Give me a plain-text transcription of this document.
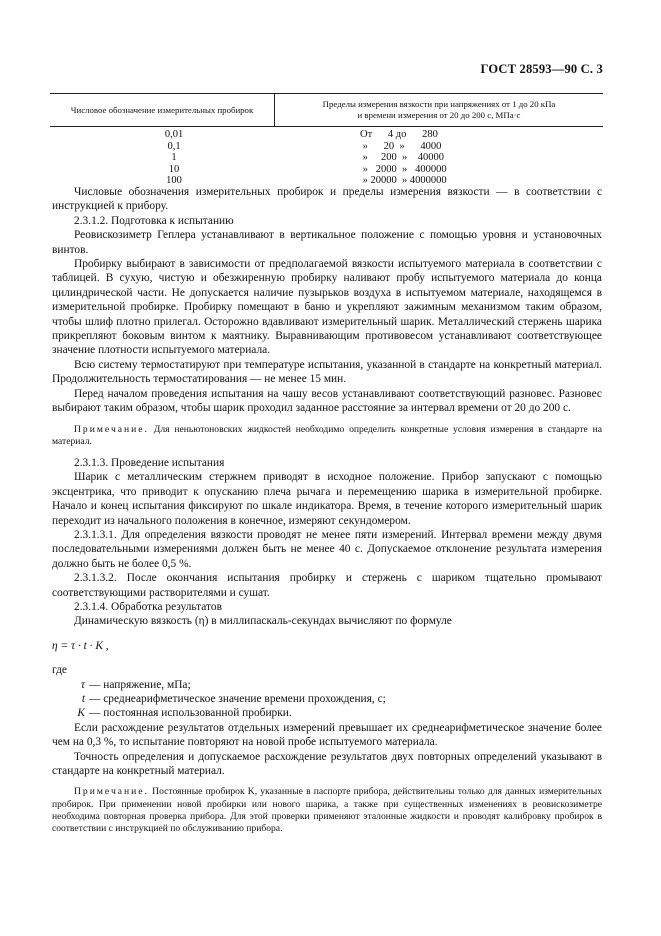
ГОСТ 28593—90 С. 3
Числовое обозначение измерительных пробирок
Пределы измерения вязкости при напряжениях от 1 до 20 кПа
и времени измерения от 20 до 200 с, МПа·с
0,01
0,1
1
10
100
От      4 до      280
»      20  »      4000
»     200  »    40000
»   2000  »   400000
» 20000  » 4000000

Числовые обозначения измерительных пробирок и пределы измерения вязкости — в соответствии с инструкцией к прибору.

2.3.1.2. Подготовка к испытанию

Реовискозиметр Геплера устанавливают в вертикальное положение с помощью уровня и установочных винтов.

Пробирку выбирают в зависимости от предполагаемой вязкости испытуемого материала в соответствии с таблицей. В сухую, чистую и обезжиренную пробирку наливают пробу испытуемого материала до конца цилиндрической части. Не допускается наличие пузырьков воздуха в испытуемом материале, находящемся в измерительной пробирке. Пробирку помещают в баню и укрепляют зажимным механизмом таким образом, чтобы шлиф плотно прилегал. Осторожно вдавливают измерительный шарик. Металлический стержень шарика прикрепляют боковым винтом к маятнику. Выравнивающим противовесом устанавливают соответствующее значение плотности испытуемого материала.

Всю систему термостатируют при температуре испытания, указанной в стандарте на конкретный материал. Продолжительность термостатирования — не менее 15 мин.

Перед началом проведения испытания на чашу весов устанавливают соответствующий разновес. Разновес выбирают таким образом, чтобы шарик проходил заданное расстояние за интервал времени от 20 до 200 с.

Примечание. Для неньютоновских жидкостей необходимо определить конкретные условия измерения в стандарте на материал.

2.3.1.3. Проведение испытания

Шарик с металлическим стержнем приводят в исходное положение. Прибор запускают с помощью эксцентрика, что приводит к опусканию плеча рычага и перемещению шарика в измерительной пробирке. Начало и конец испытания фиксируют по шкале индикатора. Время, в течение которого измерительный шарик переходит из начального положения в конечное, измеряют секундомером.

2.3.1.3.1. Для определения вязкости проводят не менее пяти измерений. Интервал времени между двумя последовательными измерениями должен быть не менее 40 с. Допускаемое отклонение результата измерения должно быть не более 0,5 %.

2.3.1.3.2. После окончания испытания пробирку и стержень с шариком тщательно промывают соответствующими растворителями и сушат.

2.3.1.4. Обработка результатов

Динамическую вязкость (η) в миллипаскаль-секундах вычисляют по формуле

η = τ · t · K ,

где

τ — напряжение, мПа;
t — среднеарифметическое значение времени прохождения, с;
K — постоянная использованной пробирки.

Если расхождение результатов отдельных измерений превышает их среднеарифметическое значение более чем на 0,3 %, то испытание повторяют на новой пробе испытуемого материала.

Точность определения и допускаемое расхождение результатов двух повторных определений указывают в стандарте на конкретный материал.

Примечание. Постоянные пробирок K, указанные в паспорте прибора, действительны только для данных измерительных пробирок. При применении новой пробирки или нового шарика, а также при существенных изменениях в реовискозиметре необходима повторная проверка прибора. Для этой проверки применяют эталонные жидкости и проводят калибровку пробирок в соответствии с инструкцией по обслуживанию прибора.
